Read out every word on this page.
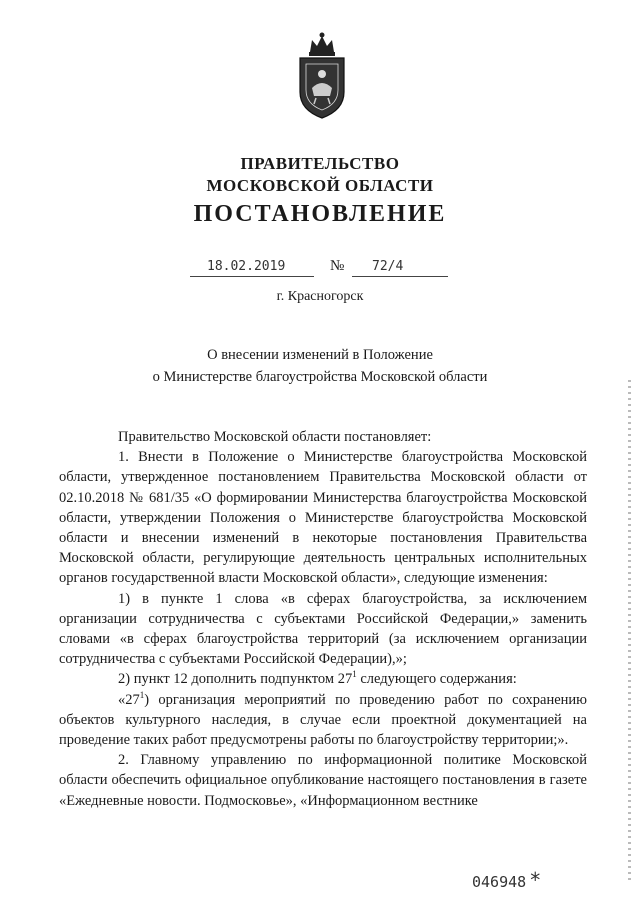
ПРАВИТЕЛЬСТВО
МОСКОВСКОЙ ОБЛАСТИ
ПОСТАНОВЛЕНИЕ
18.02.2019	№ 72/4
г. Красногорск
О внесении изменений в Положение
о Министерстве благоустройства Московской области

Правительство Московской области постановляет:

1. Внести в Положение о Министерстве благоустройства Московской области, утвержденное постановлением Правительства Московской области от 02.10.2018 № 681/35 «О формировании Министерства благоустройства Московской области, утверждении Положения о Министерстве благоустройства Московской области и внесении изменений в некоторые постановления Правительства Московской области, регулирующие деятельность центральных исполнительных органов государственной власти Московской области», следующие изменения:

1) в пункте 1 слова «в сферах благоустройства, за исключением организации сотрудничества с субъектами Российской Федерации,» заменить словами «в сферах благоустройства территорий (за исключением организации сотрудничества с субъектами Российской Федерации),»;

2) пункт 12 дополнить подпунктом $27^1$ следующего содержания:

«$27^1$) организация мероприятий по проведению работ по сохранению объектов культурного наследия, в случае если проектной документацией на проведение таких работ предусмотрены работы по благоустройству территории;».

2. Главному управлению по информационной политике Московской области обеспечить официальное опубликование настоящего постановления в газете «Ежедневные новости. Подмосковье», «Информационном вестнике

046948 *
